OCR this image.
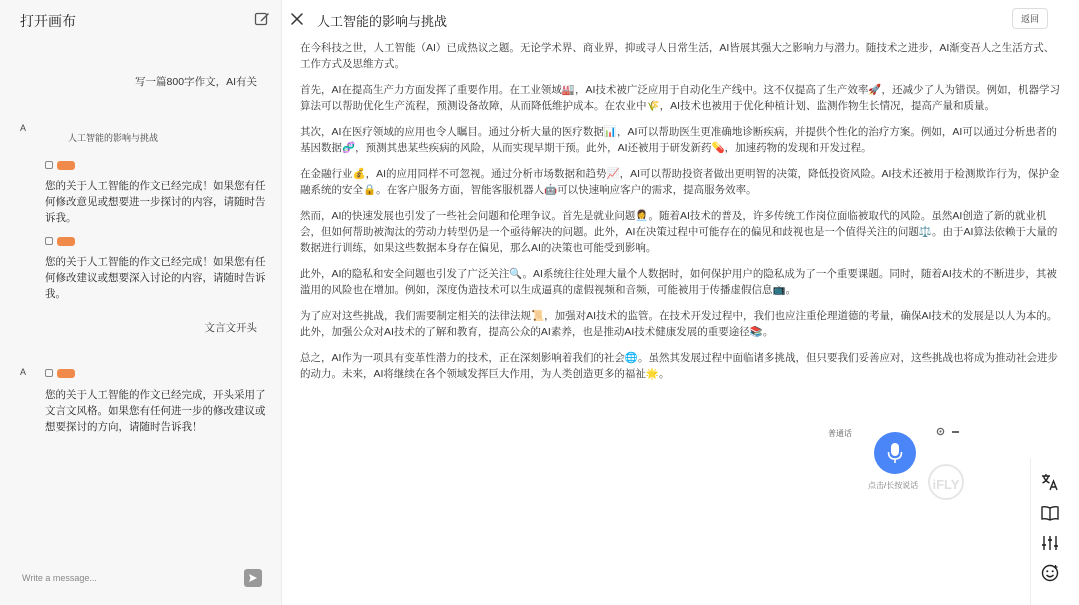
打开画布
写一篇800字作文，AI有关
A
人工智能的影响与挑战
您的关于人工智能的作文已经完成！如果您有任何修改意见或想要进一步探讨的内容，请随时告诉我。
您的关于人工智能的作文已经完成！如果您有任何修改建议或想要深入讨论的内容，请随时告诉我。
文言文开头
A
您的关于人工智能的作文已经完成，开头采用了文言文风格。如果您有任何进一步的修改建议或想要探讨的方向，请随时告诉我！
Write a message...
人工智能的影响与挑战	返回

在今科技之世，人工智能（AI）已成热议之题。无论学术界、商业界，抑或寻人日常生活，AI皆展其强大之影响力与潜力。随技术之进步，AI渐变吾人之生活方式、工作方式及思维方式。

首先，AI在提高生产力方面发挥了重要作用。在工业领域🏭，AI技术被广泛应用于自动化生产线中。这不仅提高了生产效率🚀，还减少了人为错误。例如，机器学习算法可以帮助优化生产流程，预测设备故障，从而降低维护成本。在农业中🌾，AI技术也被用于优化种植计划、监测作物生长情况，提高产量和质量。

其次，AI在医疗领域的应用也令人瞩目。通过分析大量的医疗数据📊，AI可以帮助医生更准确地诊断疾病，并提供个性化的治疗方案。例如，AI可以通过分析患者的基因数据🧬，预测其患某些疾病的风险，从而实现早期干预。此外，AI还被用于研发新药💊，加速药物的发现和开发过程。

在金融行业💰，AI的应用同样不可忽视。通过分析市场数据和趋势📈，AI可以帮助投资者做出更明智的决策，降低投资风险。AI技术还被用于检测欺诈行为，保护金融系统的安全🔒。在客户服务方面，智能客服机器人🤖可以快速响应客户的需求，提高服务效率。

然而，AI的快速发展也引发了一些社会问题和伦理争议。首先是就业问题👩‍💼。随着AI技术的普及，许多传统工作岗位面临被取代的风险。虽然AI创造了新的就业机会，但如何帮助被淘汰的劳动力转型仍是一个亟待解决的问题。此外，AI在决策过程中可能存在的偏见和歧视也是一个值得关注的问题⚖️。由于AI算法依赖于大量的数据进行训练，如果这些数据本身存在偏见，那么AI的决策也可能受到影响。

此外，AI的隐私和安全问题也引发了广泛关注🔍。AI系统往往处理大量个人数据时，如何保护用户的隐私成为了一个重要课题。同时，随着AI技术的不断进步，其被滥用的风险也在增加。例如，深度伪造技术可以生成逼真的虚假视频和音频，可能被用于传播虚假信息📺。

为了应对这些挑战，我们需要制定相关的法律法规📜，加强对AI技术的监管。在技术开发过程中，我们也应注重伦理道德的考量，确保AI技术的发展是以人为本的。此外，加强公众对AI技术的了解和教育，提高公众的AI素养，也是推动AI技术健康发展的重要途径📚。

总之，AI作为一项具有变革性潜力的技术，正在深刻影响着我们的社会🌐。虽然其发展过程中面临诸多挑战，但只要我们妥善应对，这些挑战也将成为推动社会进步的动力。未来，AI将继续在各个领域发挥巨大作用，为人类创造更多的福祉🌟。

普通话
点击/长按说话 iFLY
